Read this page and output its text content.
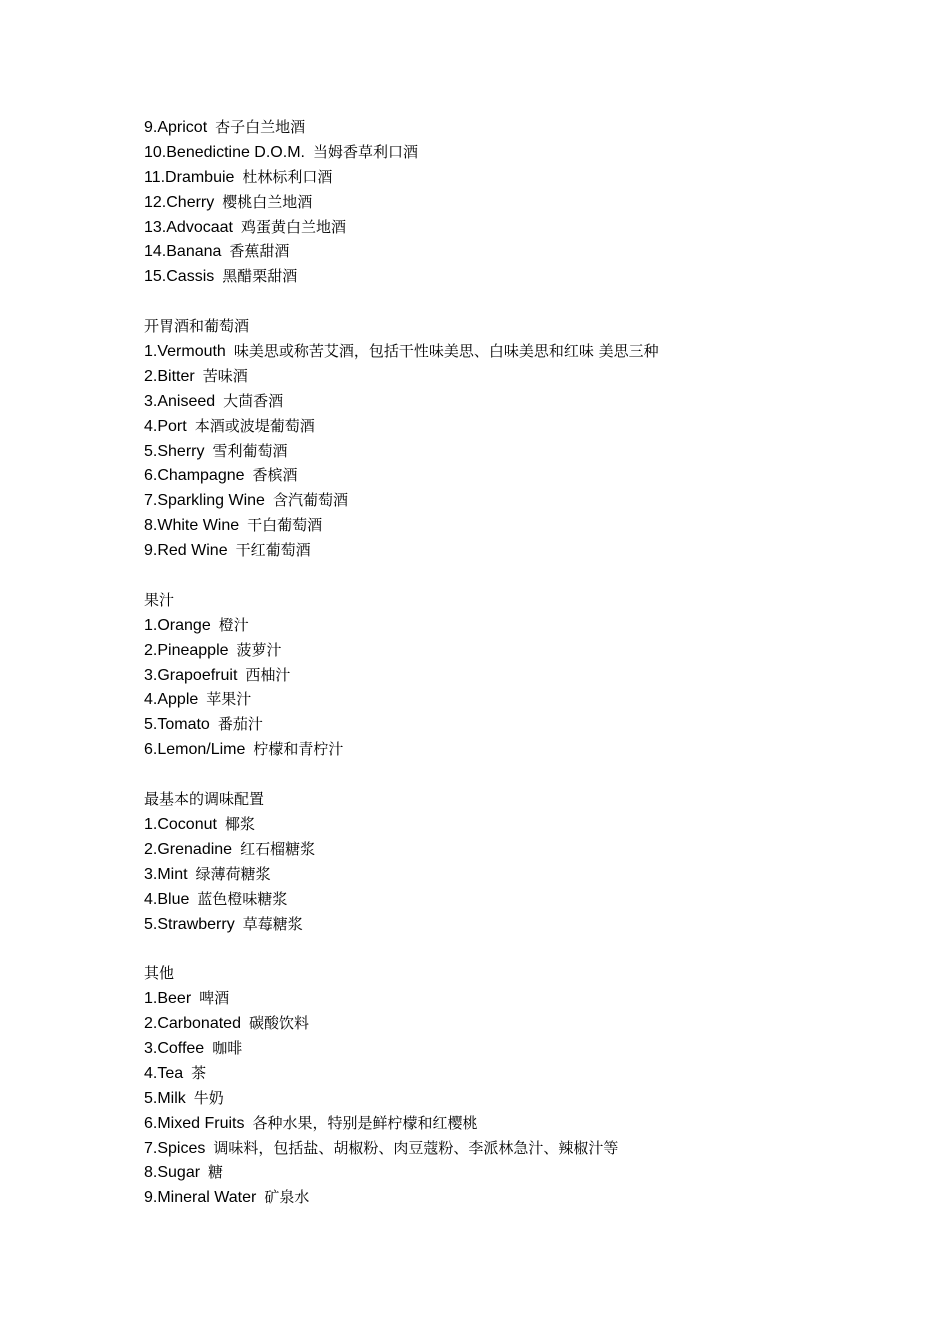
9.Apricot 杏子白兰地酒
10.Benedictine D.O.M. 当姆香草利口酒
11.Drambuie 杜林标利口酒
12.Cherry 樱桃白兰地酒
13.Advocaat 鸡蛋黄白兰地酒
14.Banana 香蕉甜酒
15.Cassis 黑醋栗甜酒
开胃酒和葡萄酒
1.Vermouth 味美思或称苦艾酒，包括干性味美思、白味美思和红味 美思三种
2.Bitter 苦味酒
3.Aniseed 大茴香酒
4.Port 本酒或波堤葡萄酒
5.Sherry 雪利葡萄酒
6.Champagne 香槟酒
7.Sparkling Wine 含汽葡萄酒
8.White Wine 干白葡萄酒
9.Red Wine 干红葡萄酒
果汁
1.Orange 橙汁
2.Pineapple 菠萝汁
3.Grapoefruit 西柚汁
4.Apple 苹果汁
5.Tomato 番茄汁
6.Lemon/Lime 柠檬和青柠汁
最基本的调味配置
1.Coconut 椰浆
2.Grenadine 红石榴糖浆
3.Mint 绿薄荷糖浆
4.Blue 蓝色橙味糖浆
5.Strawberry 草莓糖浆
其他
1.Beer 啤酒
2.Carbonated 碳酸饮料
3.Coffee 咖啡
4.Tea 茶
5.Milk 牛奶
6.Mixed Fruits 各种水果，特别是鲜柠檬和红樱桃
7.Spices 调味料，包括盐、胡椒粉、肉豆蔻粉、李派林急汁、辣椒汁等
8.Sugar 糖
9.Mineral Water 矿泉水
